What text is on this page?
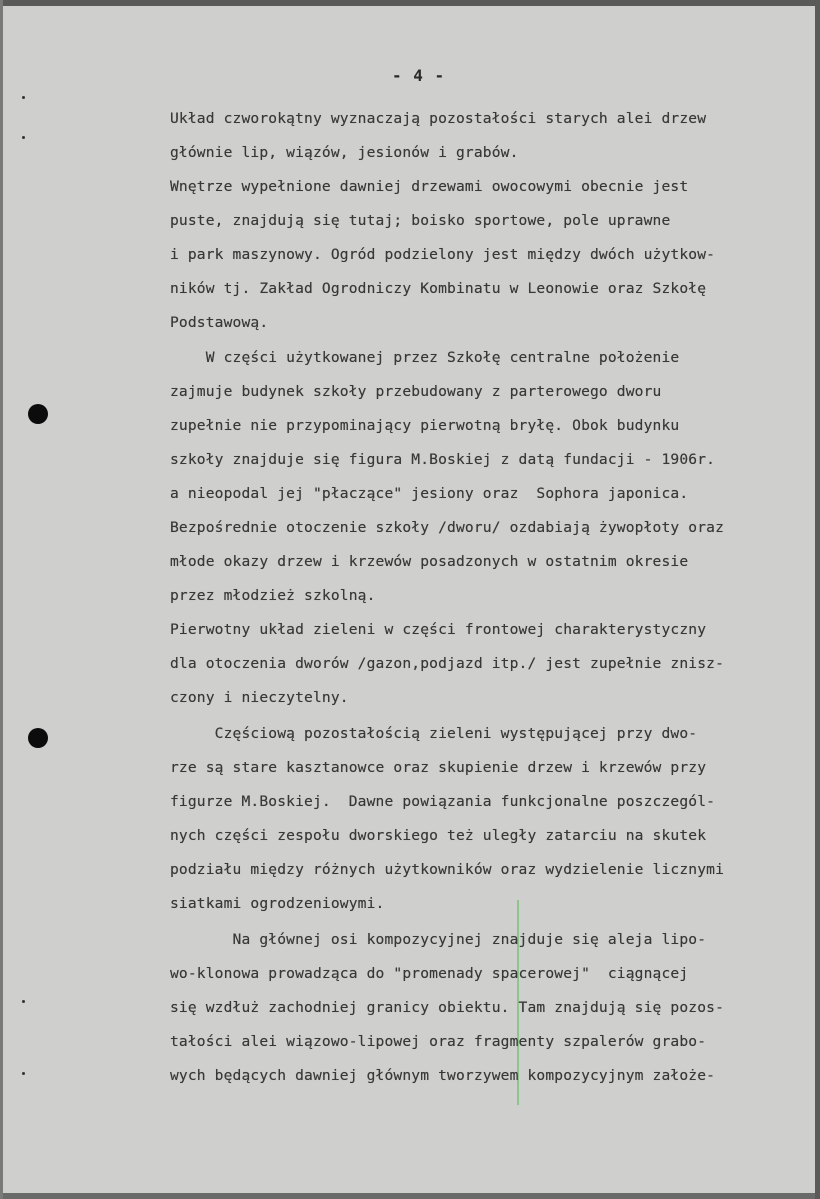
- 4 -
Układ czworokątny wyznaczają pozostałości starych alei drzew
głównie lip, wiązów, jesionów i grabów.
Wnętrze wypełnione dawniej drzewami owocowymi obecnie jest
puste, znajdują się tutaj; boisko sportowe, pole uprawne
i park maszynowy. Ogród podzielony jest między dwóch użytkow-
ników tj. Zakład Ogrodniczy Kombinatu w Leonowie oraz Szkołę
Podstawową.
W części użytkowanej przez Szkołę centralne położenie
zajmuje budynek szkoły przebudowany z parterowego dworu
zupełnie nie przypominający pierwotną bryłę. Obok budynku
szkoły znajduje się figura M.Boskiej z datą fundacji - 1906r.
a nieopodal jej "płaczące" jesiony oraz  Sophora japonica.
Bezpośrednie otoczenie szkoły /dworu/ ozdabiają żywopłoty oraz
młode okazy drzew i krzewów posadzonych w ostatnim okresie
przez młodzież szkolną.
Pierwotny układ zieleni w części frontowej charakterystyczny
dla otoczenia dworów /gazon,podjazd itp./ jest zupełnie znisz-
czony i nieczytelny.
Częściową pozostałością zieleni występującej przy dwo-
rze są stare kasztanowce oraz skupienie drzew i krzewów przy
figurze M.Boskiej.  Dawne powiązania funkcjonalne poszczegól-
nych części zespołu dworskiego też uległy zatarciu na skutek
podziału między różnych użytkowników oraz wydzielenie licznymi
siatkami ogrodzeniowymi.
Na głównej osi kompozycyjnej znajduje się aleja lipo-
wo-klonowa prowadząca do "promenady spacerowej"  ciągnącej
się wzdłuż zachodniej granicy obiektu. Tam znajdują się pozos-
tałości alei wiązowo-lipowej oraz fragmenty szpalerów grabo-
wych będących dawniej głównym tworzywem kompozycyjnym założe-
